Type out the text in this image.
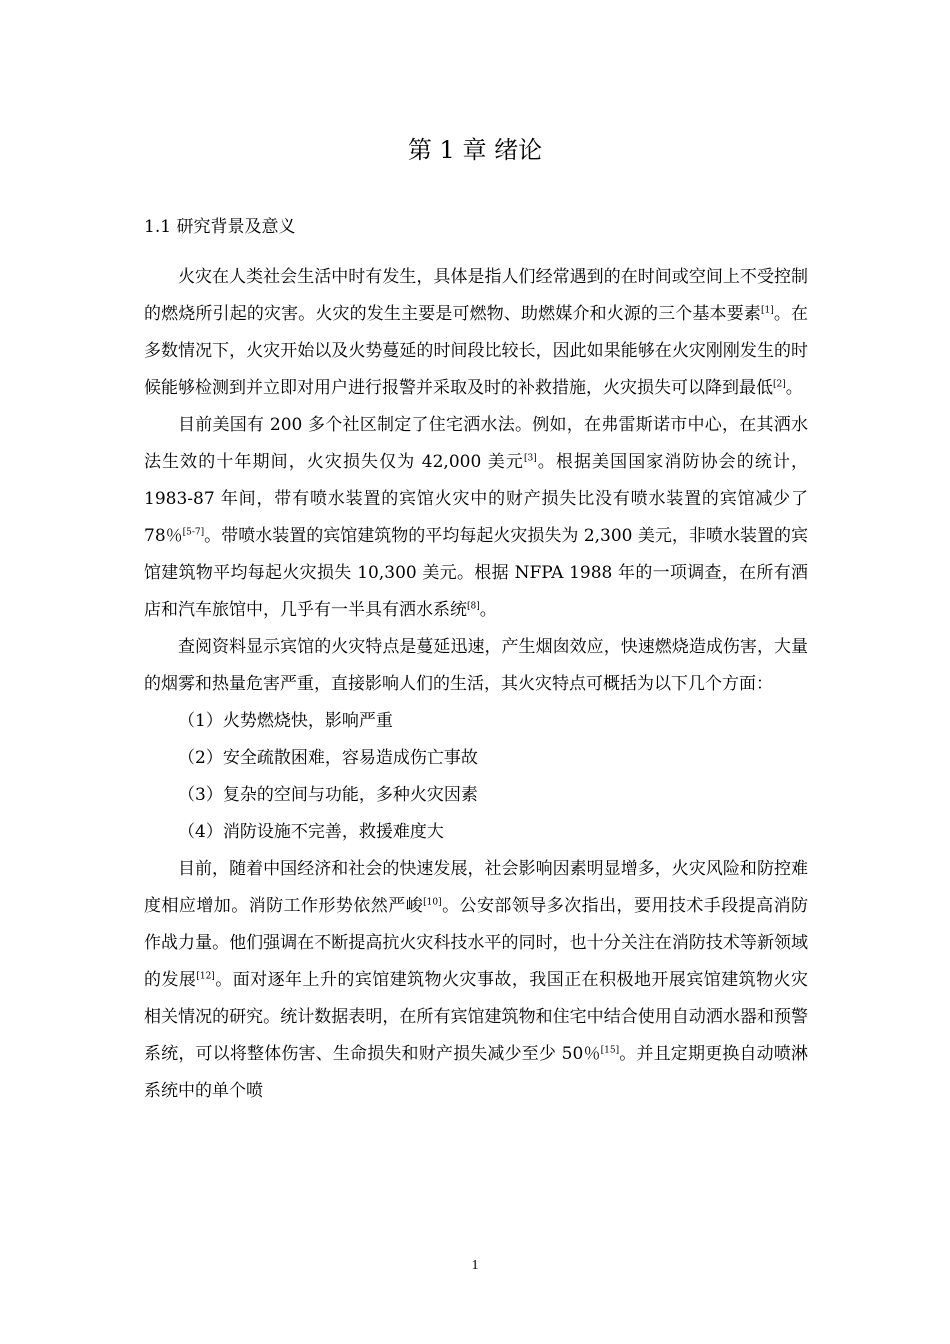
第 1 章 绪论
1.1 研究背景及意义

火灾在人类社会生活中时有发生，具体是指人们经常遇到的在时间或空间上不受控制的燃烧所引起的灾害。火灾的发生主要是可燃物、助燃媒介和火源的三个基本要素[1]。在多数情况下，火灾开始以及火势蔓延的时间段比较长，因此如果能够在火灾刚刚发生的时候能够检测到并立即对用户进行报警并采取及时的补救措施，火灾损失可以降到最低[2]。

目前美国有 200 多个社区制定了住宅洒水法。例如，在弗雷斯诺市中心，在其洒水法生效的十年期间，火灾损失仅为 42,000 美元[3]。根据美国国家消防协会的统计，1983-87 年间，带有喷水装置的宾馆火灾中的财产损失比没有喷水装置的宾馆减少了 78％[5-7]。带喷水装置的宾馆建筑物的平均每起火灾损失为 2,300 美元，非喷水装置的宾馆建筑物平均每起火灾损失 10,300 美元。根据 NFPA 1988 年的一项调查，在所有酒店和汽车旅馆中，几乎有一半具有洒水系统[8]。

查阅资料显示宾馆的火灾特点是蔓延迅速，产生烟囱效应，快速燃烧造成伤害，大量的烟雾和热量危害严重，直接影响人们的生活，其火灾特点可概括为以下几个方面：

（1）火势燃烧快，影响严重

（2）安全疏散困难，容易造成伤亡事故

（3）复杂的空间与功能，多种火灾因素

（4）消防设施不完善，救援难度大

目前，随着中国经济和社会的快速发展，社会影响因素明显增多，火灾风险和防控难度相应增加。消防工作形势依然严峻[10]。公安部领导多次指出，要用技术手段提高消防作战力量。他们强调在不断提高抗火灾科技水平的同时，也十分关注在消防技术等新领域的发展[12]。面对逐年上升的宾馆建筑物火灾事故，我国正在积极地开展宾馆建筑物火灾相关情况的研究。统计数据表明，在所有宾馆建筑物和住宅中结合使用自动洒水器和预警系统，可以将整体伤害、生命损失和财产损失减少至少 50％[15]。并且定期更换自动喷淋系统中的单个喷

1
